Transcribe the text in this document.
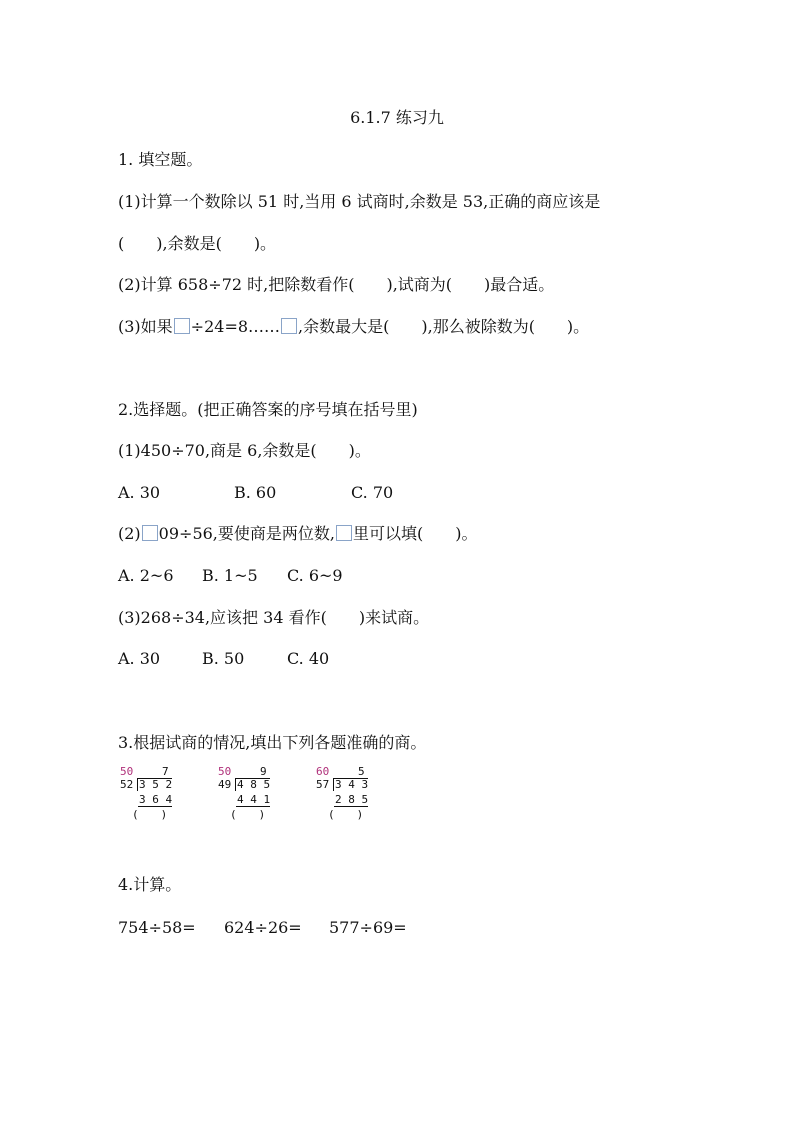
6.1.7 练习九
1. 填空题。
(1)计算一个数除以 51 时,当用 6 试商时,余数是 53,正确的商应该是
(　　),余数是(　　)。
(2)计算 658÷72 时,把除数看作(　　),试商为(　　)最合适。
(3)如果 ÷24=8…… ,余数最大是(　　),那么被除数为(　　)。
2.选择题。(把正确答案的序号填在括号里)
(1)450÷70,商是 6,余数是(　　)。
A. 30	B. 60	C. 70
(2) 09÷56,要使商是两位数, 里可以填(　　)。
A. 2~6 B. 1~5 C. 6~9
(3)268÷34,应该把 34 看作(　　)来试商。
A. 30	B. 50	C. 40
3.根据试商的情况,填出下列各题准确的商。
50	7
52 3 5 2
3 6 4
(　　)
50	9
49 4 8 5
4 4 1
(　　)
60	5
57 3 4 3
2 8 5
(　　)
4.计算。
754÷58= 624÷26= 577÷69=
